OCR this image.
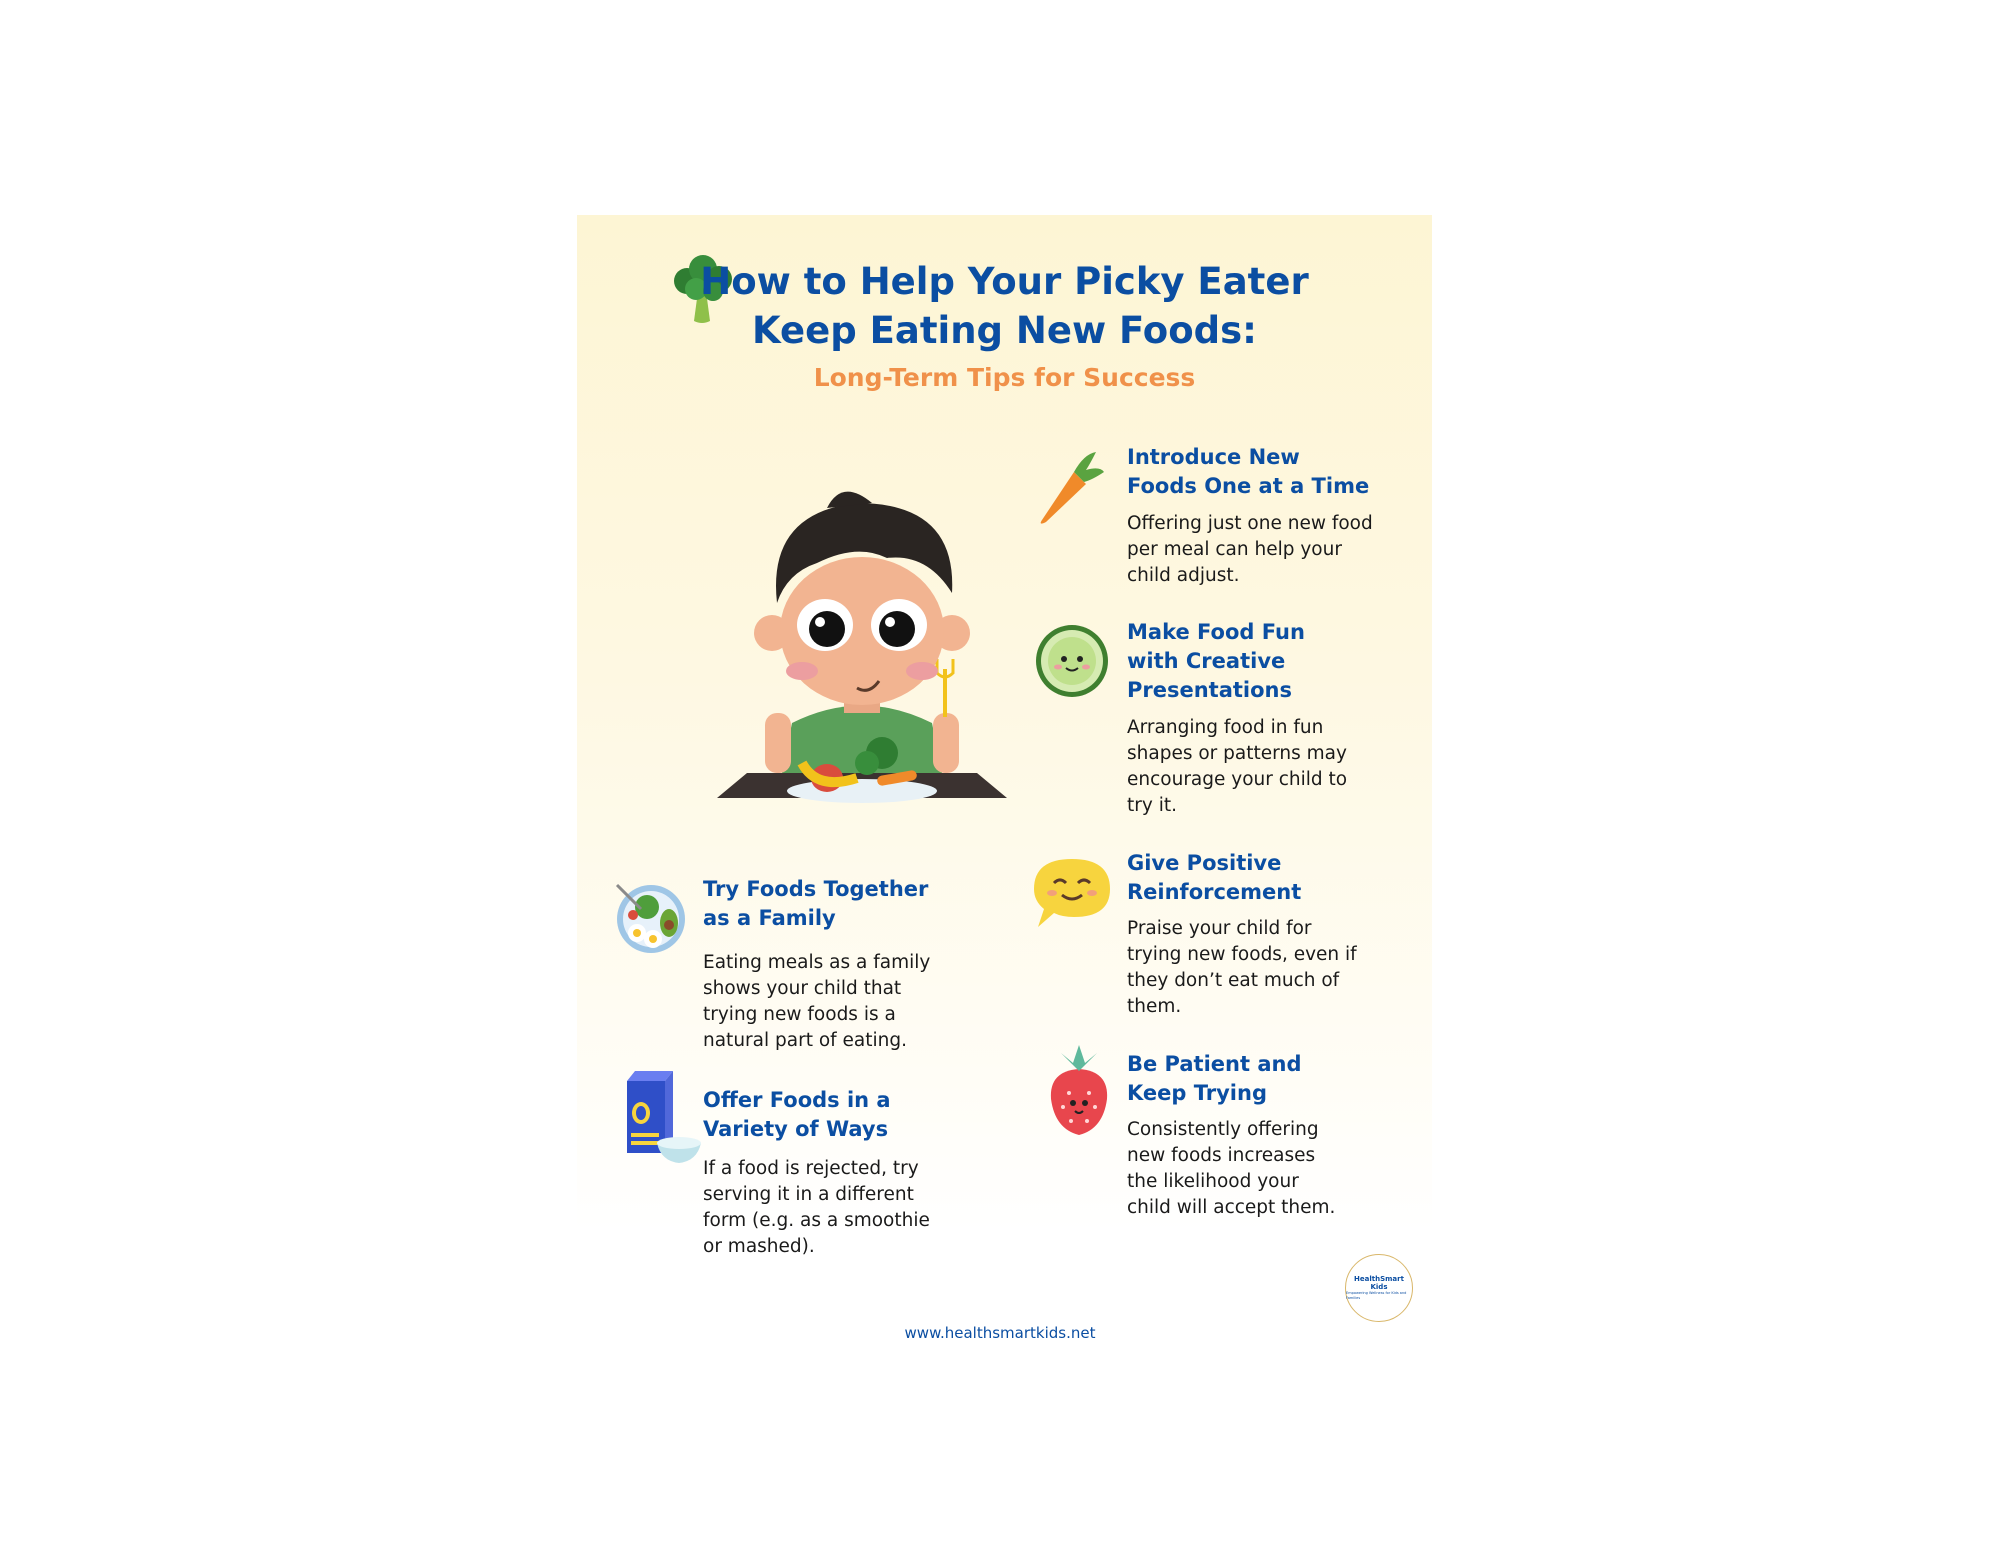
How to Help Your Picky Eater
Keep Eating New Foods:
Long-Term Tips for Success
Introduce New
Foods One at a Time

Offering just one new food
per meal can help your
child adjust.

Make Food Fun
with Creative
Presentations

Arranging food in fun
shapes or patterns may
encourage your child to
try it.

Give Positive
Reinforcement

Praise your child for
trying new foods, even if
they don’t eat much of
them.

Be Patient and
Keep Trying

Consistently offering
new foods increases
the likelihood your
child will accept them.

Try Foods Together
as a Family

Eating meals as a family
shows your child that
trying new foods is a
natural part of eating.

Offer Foods in a
Variety of Ways

If a food is rejected, try
serving it in a different
form (e.g. as a smoothie
or mashed).

HealthSmart
Kids
Empowering Wellness for Kids and Families

www.healthsmartkids.net
